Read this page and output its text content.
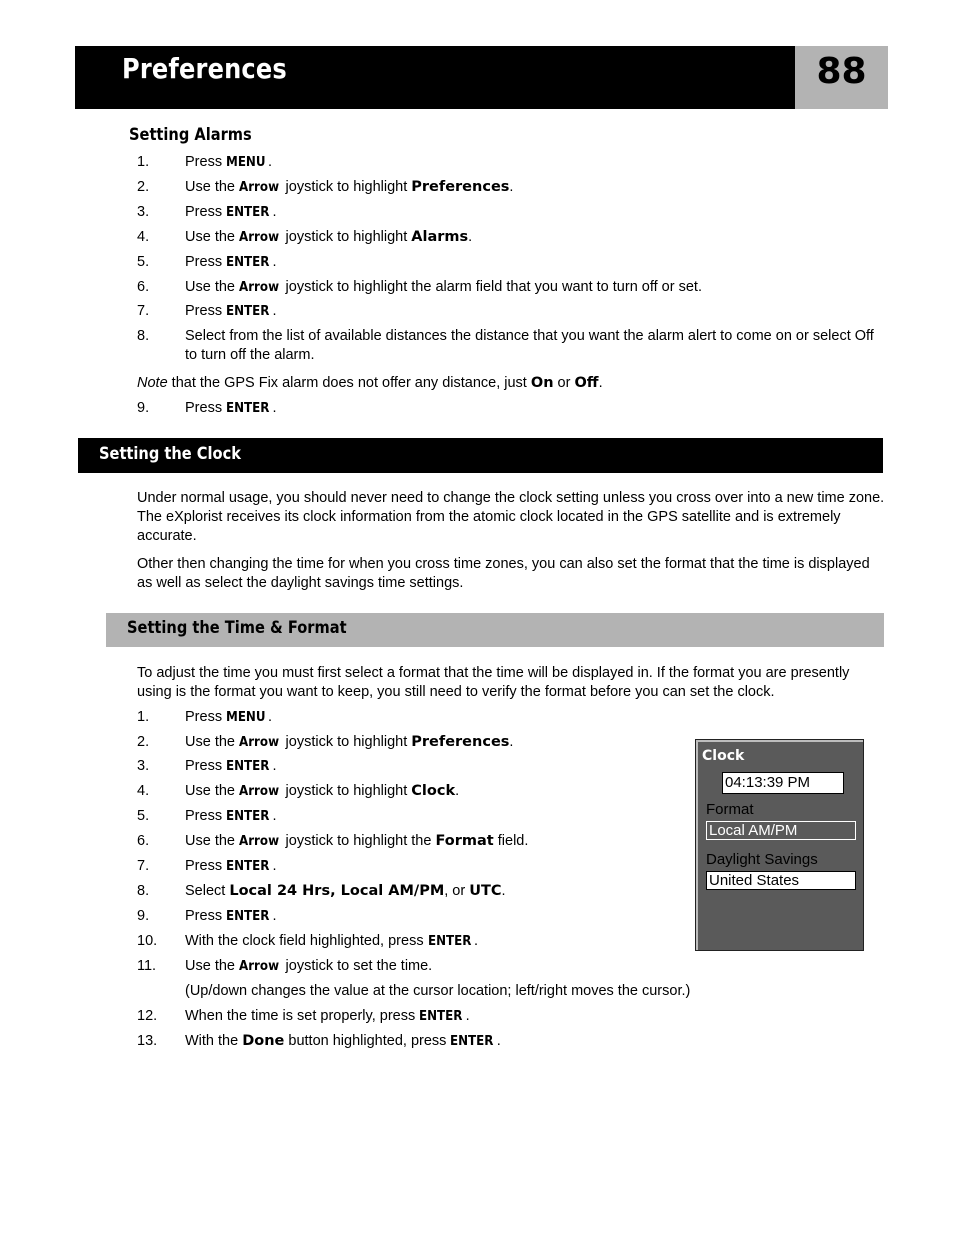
Preferences	88
Setting Alarms
1.	Press MENU .
2.	Use the Arrow joystick to highlight Preferences.
3.	Press ENTER .
4.	Use the Arrow joystick to highlight Alarms.
5.	Press ENTER .
6.	Use the Arrow joystick to highlight the alarm field that you want to turn off or set.
7.	Press ENTER .
8.	Select from the list of available distances the distance that you want the alarm alert to come on or select Off to turn off the alarm.
Note that the GPS Fix alarm does not offer any distance, just On or Off.
9.	Press ENTER .
Setting the Clock

Under normal usage, you should never need to change the clock setting unless you cross over into a new time zone. The eXplorist receives its clock information from the atomic clock located in the GPS satellite and is extremely accurate.

Other then changing the time for when you cross time zones, you can also set the format that the time is displayed as well as select the daylight savings time settings.

Setting the Time & Format

To adjust the time you must first select a format that the time will be displayed in. If the format you are presently using is the format you want to keep, you still need to verify the format before you can set the clock.

1.	Press MENU .
2.	Use the Arrow joystick to highlight Preferences.
3.	Press ENTER .
4.	Use the Arrow joystick to highlight Clock.
5.	Press ENTER .
6.	Use the Arrow joystick to highlight the Format field.
7.	Press ENTER .
8.	Select Local 24 Hrs, Local AM/PM, or UTC.
9.	Press ENTER .
10.	With the clock field highlighted, press ENTER .
11.	Use the Arrow joystick to set the time.
(Up/down changes the value at the cursor location; left/right moves the cursor.)
12.	When the time is set properly, press ENTER .
13.	With the Done button highlighted, press ENTER .
Clock
04:13:39 PM
Format
Local AM/PM
Daylight Savings
United States
